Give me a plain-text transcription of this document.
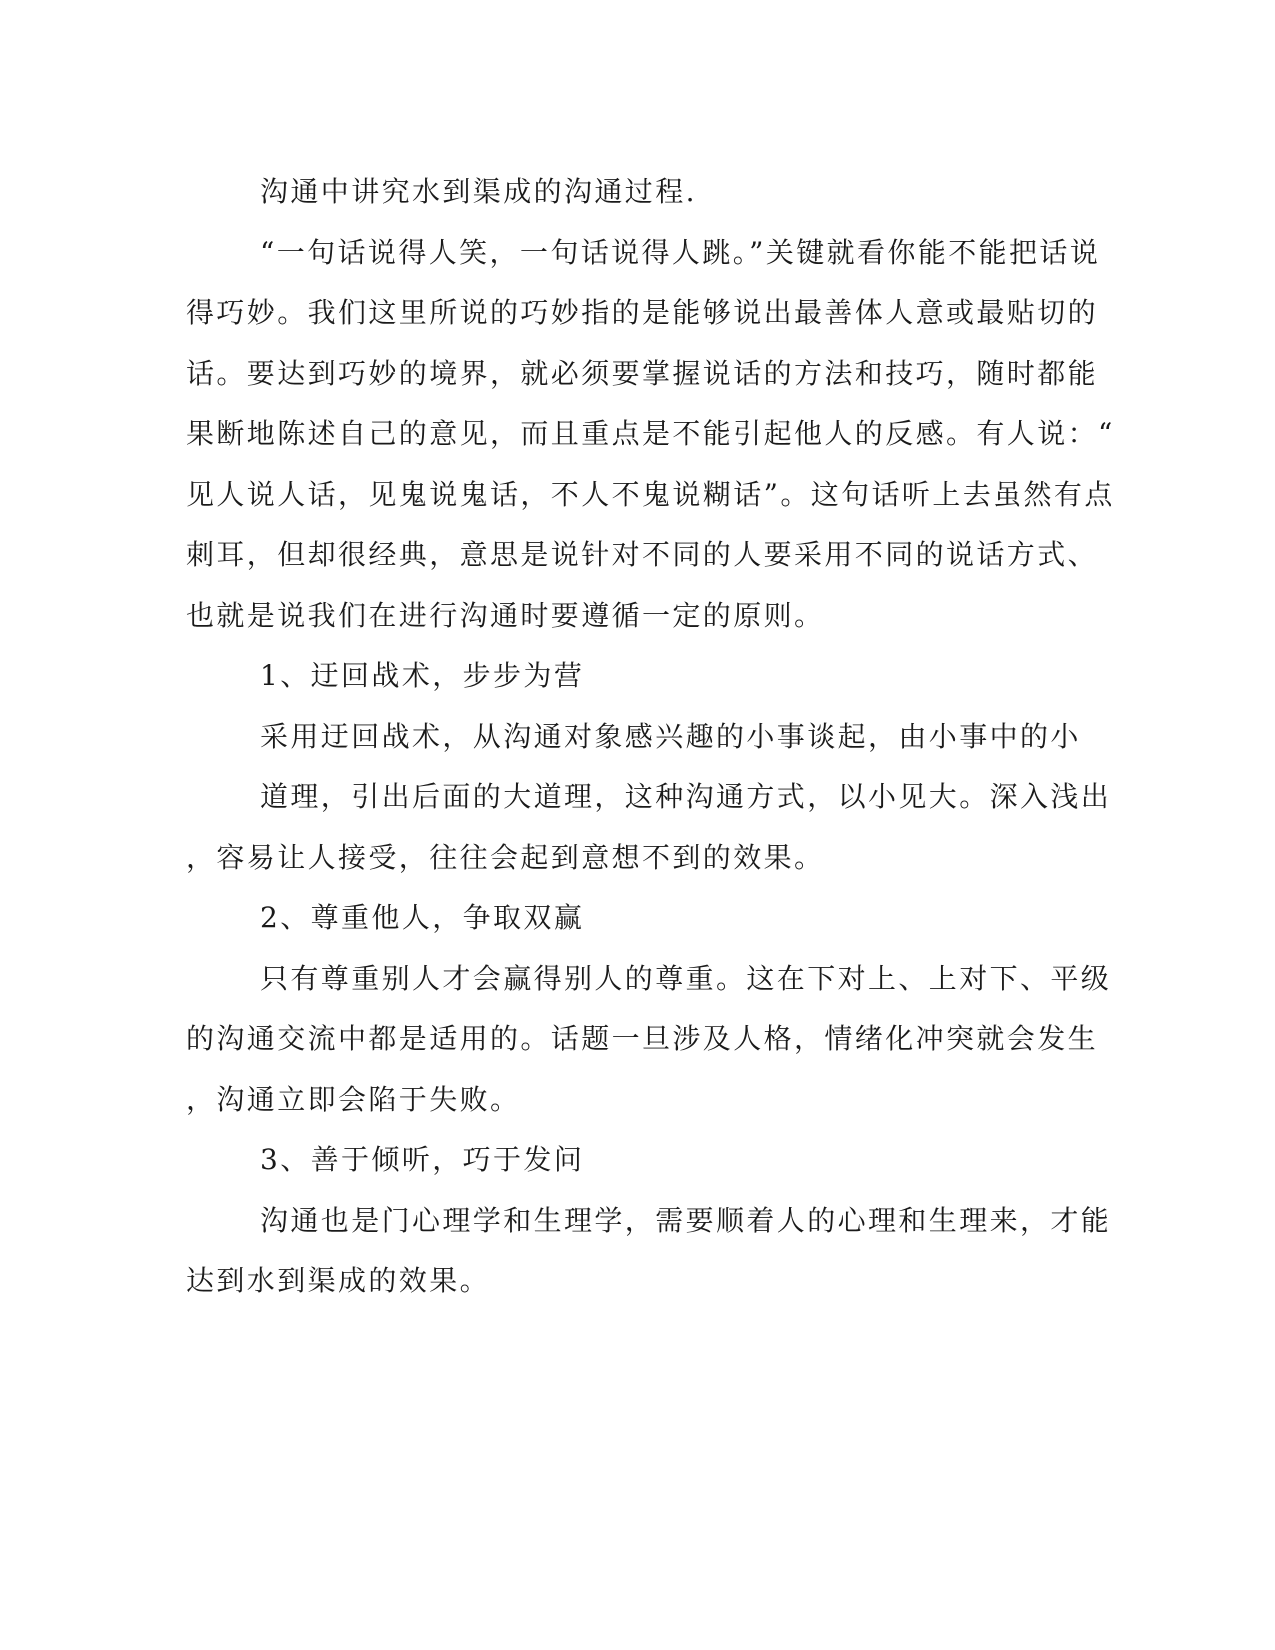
沟通中讲究水到渠成的沟通过程.
“一句话说得人笑，一句话说得人跳。”关键就看你能不能把话说
得巧妙。我们这里所说的巧妙指的是能够说出最善体人意或最贴切的
话。要达到巧妙的境界，就必须要掌握说话的方法和技巧，随时都能
果断地陈述自己的意见，而且重点是不能引起他人的反感。有人说：“
见人说人话，见鬼说鬼话，不人不鬼说糊话”。这句话听上去虽然有点
刺耳，但却很经典，意思是说针对不同的人要采用不同的说话方式、
也就是说我们在进行沟通时要遵循一定的原则。
1、迂回战术，步步为营
采用迂回战术，从沟通对象感兴趣的小事谈起，由小事中的小
道理，引出后面的大道理，这种沟通方式，以小见大。深入浅出
，容易让人接受，往往会起到意想不到的效果。
2、尊重他人，争取双赢
只有尊重别人才会赢得别人的尊重。这在下对上、上对下、平级
的沟通交流中都是适用的。话题一旦涉及人格，情绪化冲突就会发生
，沟通立即会陷于失败。
3、善于倾听，巧于发问
沟通也是门心理学和生理学，需要顺着人的心理和生理来，才能
达到水到渠成的效果。
